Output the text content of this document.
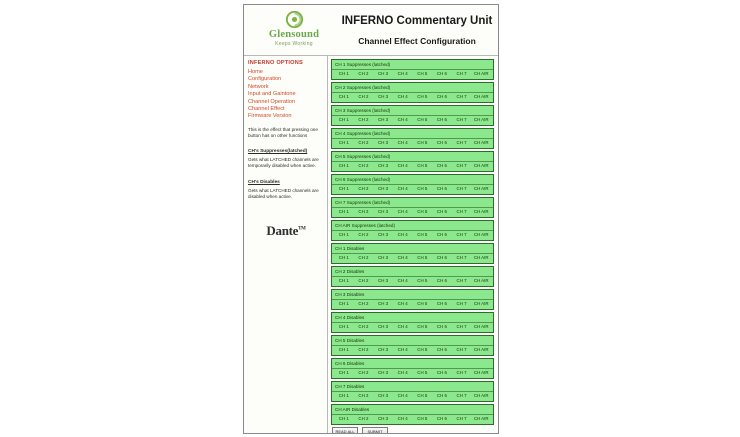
Glensound
Keeps Working
INFERNO Commentary Unit
Channel Effect Configuration
INFERNO OPTIONS
Home
Configuration
Network
Input and Gaintone
Channel Operation
Channel Effect
Firmware Version
This is the effect that pressing one button has on other functions
CH's Suppresses(latched)
Gets what LATCHED channels are temporarily disabled when active.
CH's Disables
Gets what LATCHED channels are disabled when active.
Dante™
CH 1 Suppresses (latched)
CH 1	CH 2	CH 3	CH 4	CH 5	CH 6	CH 7	CH AIR
CH 2 Suppresses (latched)
CH 1	CH 2	CH 3	CH 4	CH 5	CH 6	CH 7	CH AIR
CH 3 Suppresses (latched)
CH 1	CH 2	CH 3	CH 4	CH 5	CH 6	CH 7	CH AIR
CH 4 Suppresses (latched)
CH 1	CH 2	CH 3	CH 4	CH 5	CH 6	CH 7	CH AIR
CH 5 Suppresses (latched)
CH 1	CH 2	CH 3	CH 4	CH 5	CH 6	CH 7	CH AIR
CH 6 Suppresses (latched)
CH 1	CH 2	CH 3	CH 4	CH 5	CH 6	CH 7	CH AIR
CH 7 Suppresses (latched)
CH 1	CH 2	CH 3	CH 4	CH 5	CH 6	CH 7	CH AIR
CH AIR Suppresses (latched)
CH 1	CH 2	CH 3	CH 4	CH 5	CH 6	CH 7	CH AIR
CH 1 Disables
CH 1	CH 2	CH 3	CH 4	CH 5	CH 6	CH 7	CH AIR
CH 2 Disables
CH 1	CH 2	CH 3	CH 4	CH 5	CH 6	CH 7	CH AIR
CH 3 Disables
CH 1	CH 2	CH 3	CH 4	CH 5	CH 6	CH 7	CH AIR
CH 4 Disables
CH 1	CH 2	CH 3	CH 4	CH 5	CH 6	CH 7	CH AIR
CH 5 Disables
CH 1	CH 2	CH 3	CH 4	CH 5	CH 6	CH 7	CH AIR
CH 6 Disables
CH 1	CH 2	CH 3	CH 4	CH 5	CH 6	CH 7	CH AIR
CH 7 Disables
CH 1	CH 2	CH 3	CH 4	CH 5	CH 6	CH 7	CH AIR
CH AIR Disables
CH 1	CH 2	CH 3	CH 4	CH 5	CH 6	CH 7	CH AIR
READ ALL	SUBMIT
